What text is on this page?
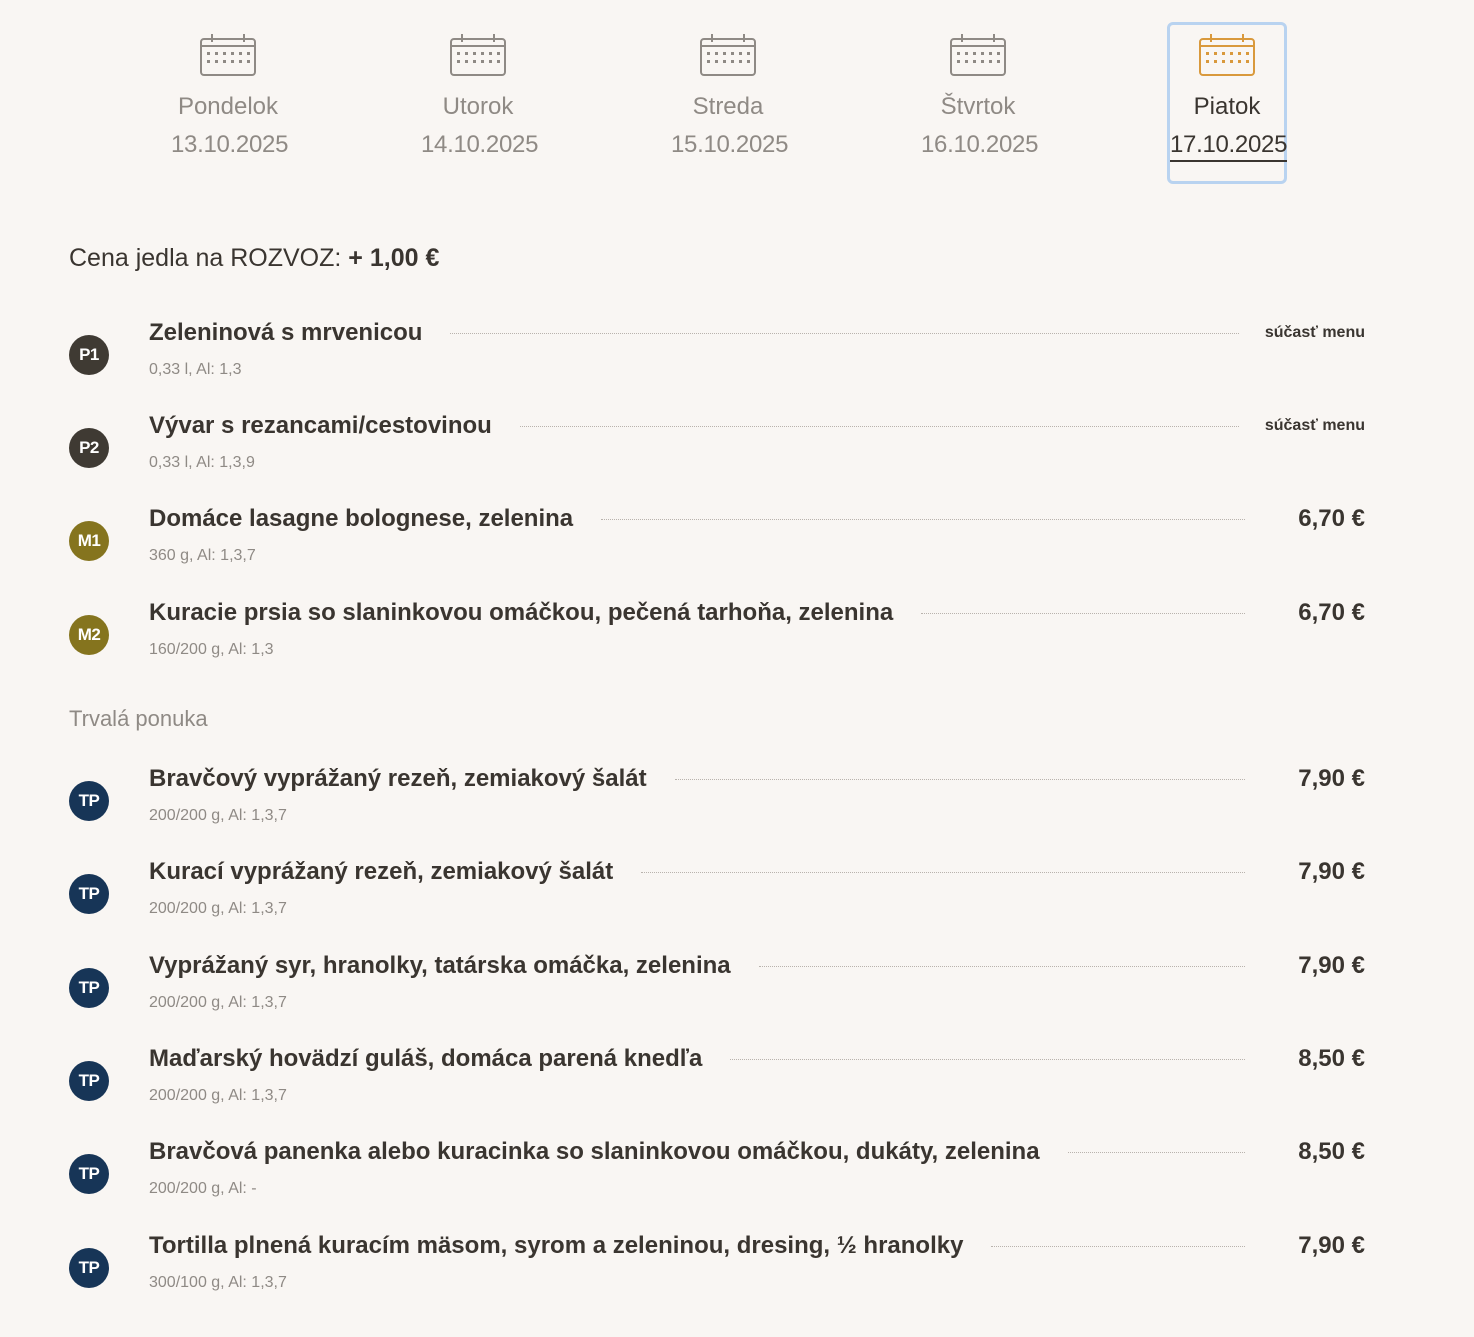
Pondelok
13.10.2025
Utorok
14.10.2025
Streda
15.10.2025
Štvrtok
16.10.2025
Piatok
17.10.2025
Cena jedla na ROZVOZ: + 1,00 €
P1
Zeleninová s mrvenicou	súčasť menu
0,33 l, Al: 1,3
P2
Vývar s rezancami/cestovinou	súčasť menu
0,33 l, Al: 1,3,9
M1
Domáce lasagne bolognese, zelenina	6,70 €
360 g, Al: 1,3,7
M2
Kuracie prsia so slaninkovou omáčkou, pečená tarhoňa, zelenina	6,70 €
160/200 g, Al: 1,3
Trvalá ponuka
TP
Bravčový vyprážaný rezeň, zemiakový šalát	7,90 €
200/200 g, Al: 1,3,7
TP
Kurací vyprážaný rezeň, zemiakový šalát	7,90 €
200/200 g, Al: 1,3,7
TP
Vyprážaný syr, hranolky, tatárska omáčka, zelenina	7,90 €
200/200 g, Al: 1,3,7
TP
Maďarský hovädzí guláš, domáca parená knedľa	8,50 €
200/200 g, Al: 1,3,7
TP
Bravčová panenka alebo kuracinka so slaninkovou omáčkou, dukáty, zelenina	8,50 €
200/200 g, Al: -
TP
Tortilla plnená kuracím mäsom, syrom a zeleninou, dresing, ½ hranolky	7,90 €
300/100 g, Al: 1,3,7
